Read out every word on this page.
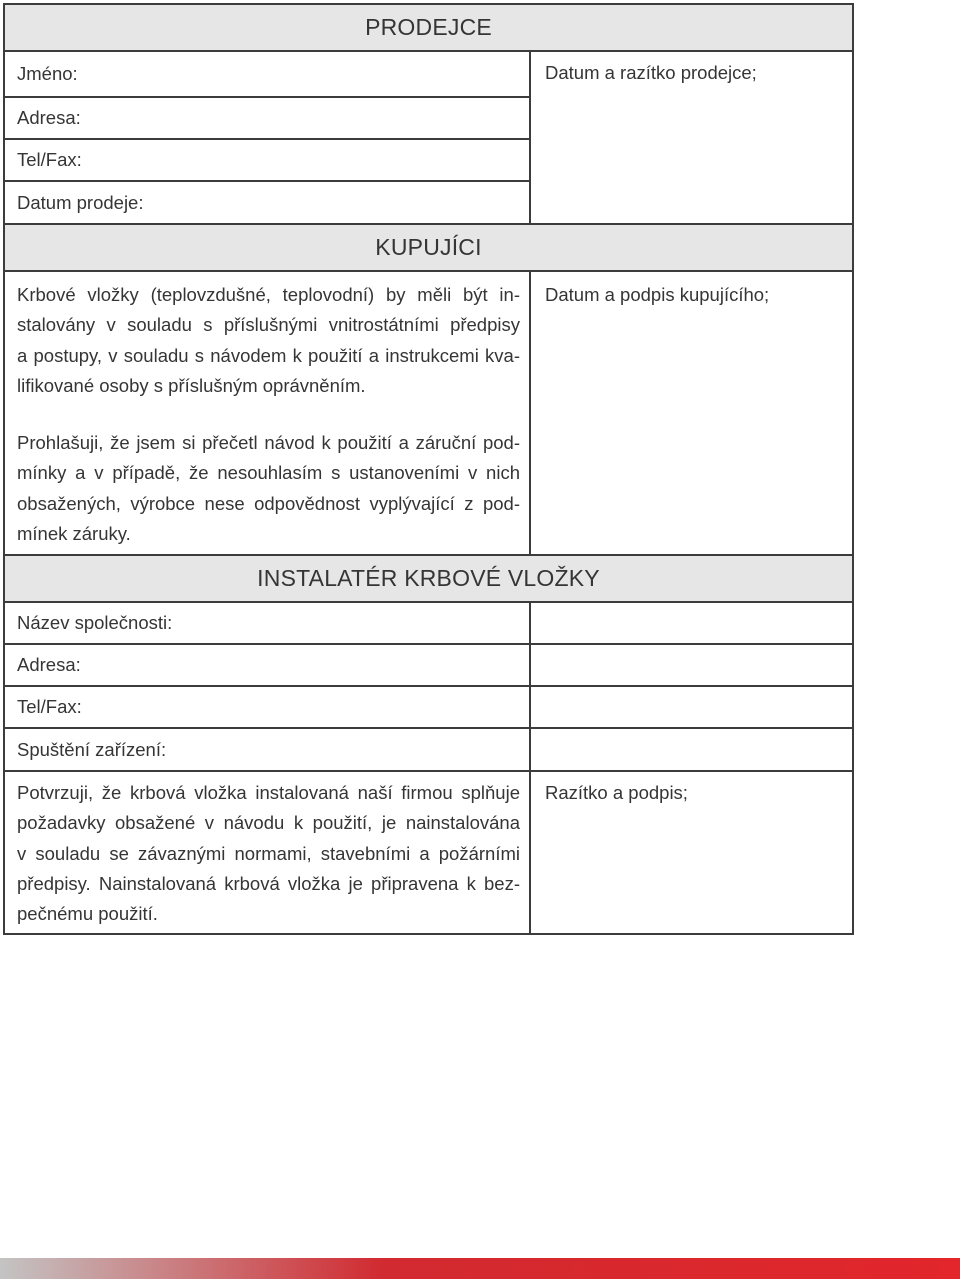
PRODEJCE
Jméno:
Adresa:
Tel/Fax:
Datum prodeje:
Datum a razítko prodejce;
KUPUJÍCI
Krbové vložky (teplovzdušné, teplovodní) by měli být in-
stalovány v souladu s příslušnými vnitrostátními předpisy
a postupy, v souladu s návodem k použití a instrukcemi kva-
lifikované osoby s příslušným oprávněním.
Prohlašuji, že jsem si přečetl návod k použití a záruční pod-
mínky a v případě, že nesouhlasím s ustanoveními v nich
obsažených, výrobce nese odpovědnost vyplývající z pod-
mínek záruky.
Datum a podpis kupujícího;
INSTALATÉR KRBOVÉ VLOŽKY
Název společnosti:
Adresa:
Tel/Fax:
Spuštění zařízení:
Potvrzuji, že krbová vložka instalovaná naší firmou splňuje
požadavky obsažené v návodu k použití, je nainstalována
v souladu se závaznými normami, stavebními a požárními
předpisy. Nainstalovaná krbová vložka je připravena k bez-
pečnému použití.
Razítko a podpis;
